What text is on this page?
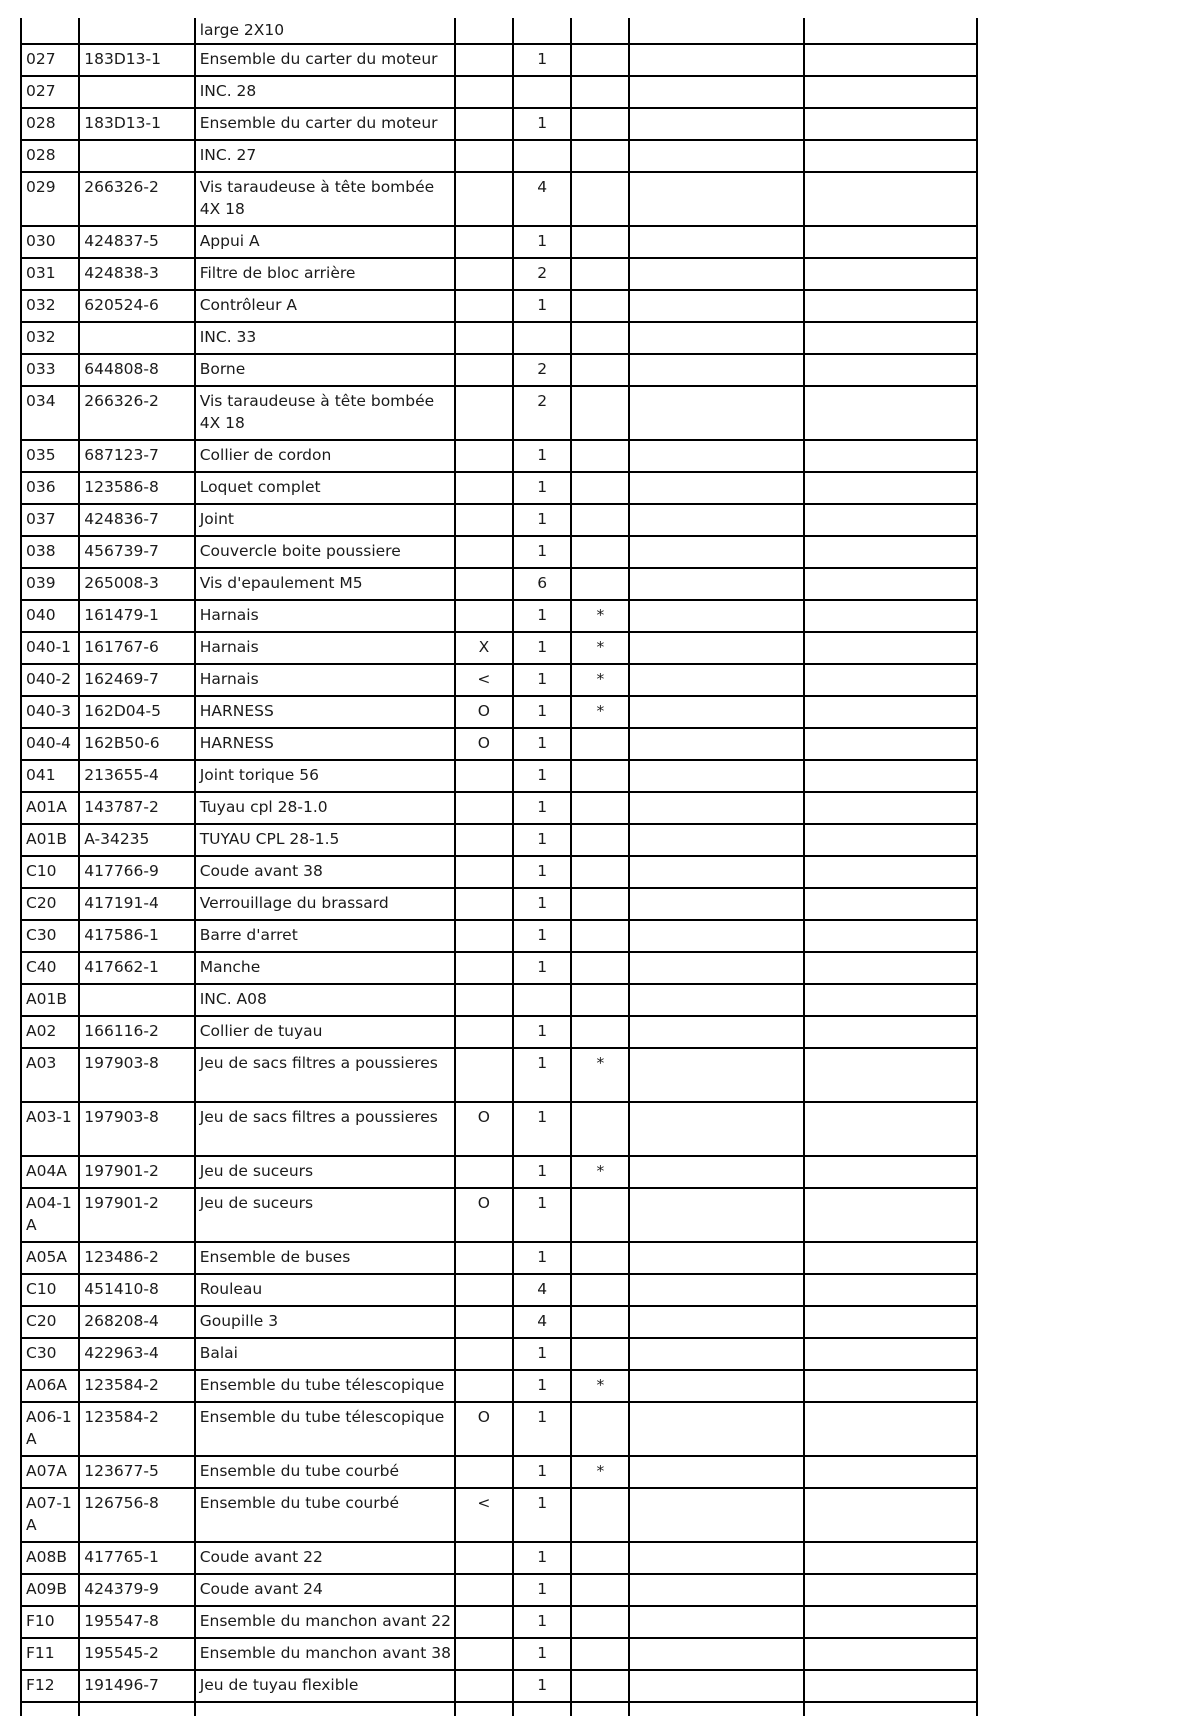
		large 2X10					
027	183D13-1	Ensemble du carter du moteur		1			
027		INC. 28					
028	183D13-1	Ensemble du carter du moteur		1			
028		INC. 27					
029	266326-2	Vis taraudeuse à tête bombée 4X 18		4			
030	424837-5	Appui A		1			
031	424838-3	Filtre de bloc arrière		2			
032	620524-6	Contrôleur A		1			
032		INC. 33					
033	644808-8	Borne		2			
034	266326-2	Vis taraudeuse à tête bombée 4X 18		2			
035	687123-7	Collier de cordon		1			
036	123586-8	Loquet complet		1			
037	424836-7	Joint		1			
038	456739-7	Couvercle boite poussiere		1			
039	265008-3	Vis d'epaulement M5		6			
040	161479-1	Harnais		1	*		
040-1	161767-6	Harnais	X	1	*		
040-2	162469-7	Harnais	<	1	*		
040-3	162D04-5	HARNESS	O	1	*		
040-4	162B50-6	HARNESS	O	1			
041	213655-4	Joint torique 56		1			
A01A	143787-2	Tuyau cpl 28-1.0		1			
A01B	A-34235	TUYAU CPL 28-1.5		1			
C10	417766-9	Coude avant 38		1			
C20	417191-4	Verrouillage du brassard		1			
C30	417586-1	Barre d'arret		1			
C40	417662-1	Manche		1			
A01B		INC. A08					
A02	166116-2	Collier de tuyau		1			
A03	197903-8	Jeu de sacs filtres a poussieres		1	*		
A03-1	197903-8	Jeu de sacs filtres a poussieres	O	1			
A04A	197901-2	Jeu de suceurs		1	*		
A04-1A	197901-2	Jeu de suceurs	O	1			
A05A	123486-2	Ensemble de buses		1			
C10	451410-8	Rouleau		4			
C20	268208-4	Goupille 3		4			
C30	422963-4	Balai		1			
A06A	123584-2	Ensemble du tube télescopique		1	*		
A06-1A	123584-2	Ensemble du tube télescopique	O	1			
A07A	123677-5	Ensemble du tube courbé		1	*		
A07-1A	126756-8	Ensemble du tube courbé	<	1			
A08B	417765-1	Coude avant 22		1			
A09B	424379-9	Coude avant 24		1			
F10	195547-8	Ensemble du manchon avant 22		1			
F11	195545-2	Ensemble du manchon avant 38		1			
F12	191496-7	Jeu de tuyau flexible		1			
